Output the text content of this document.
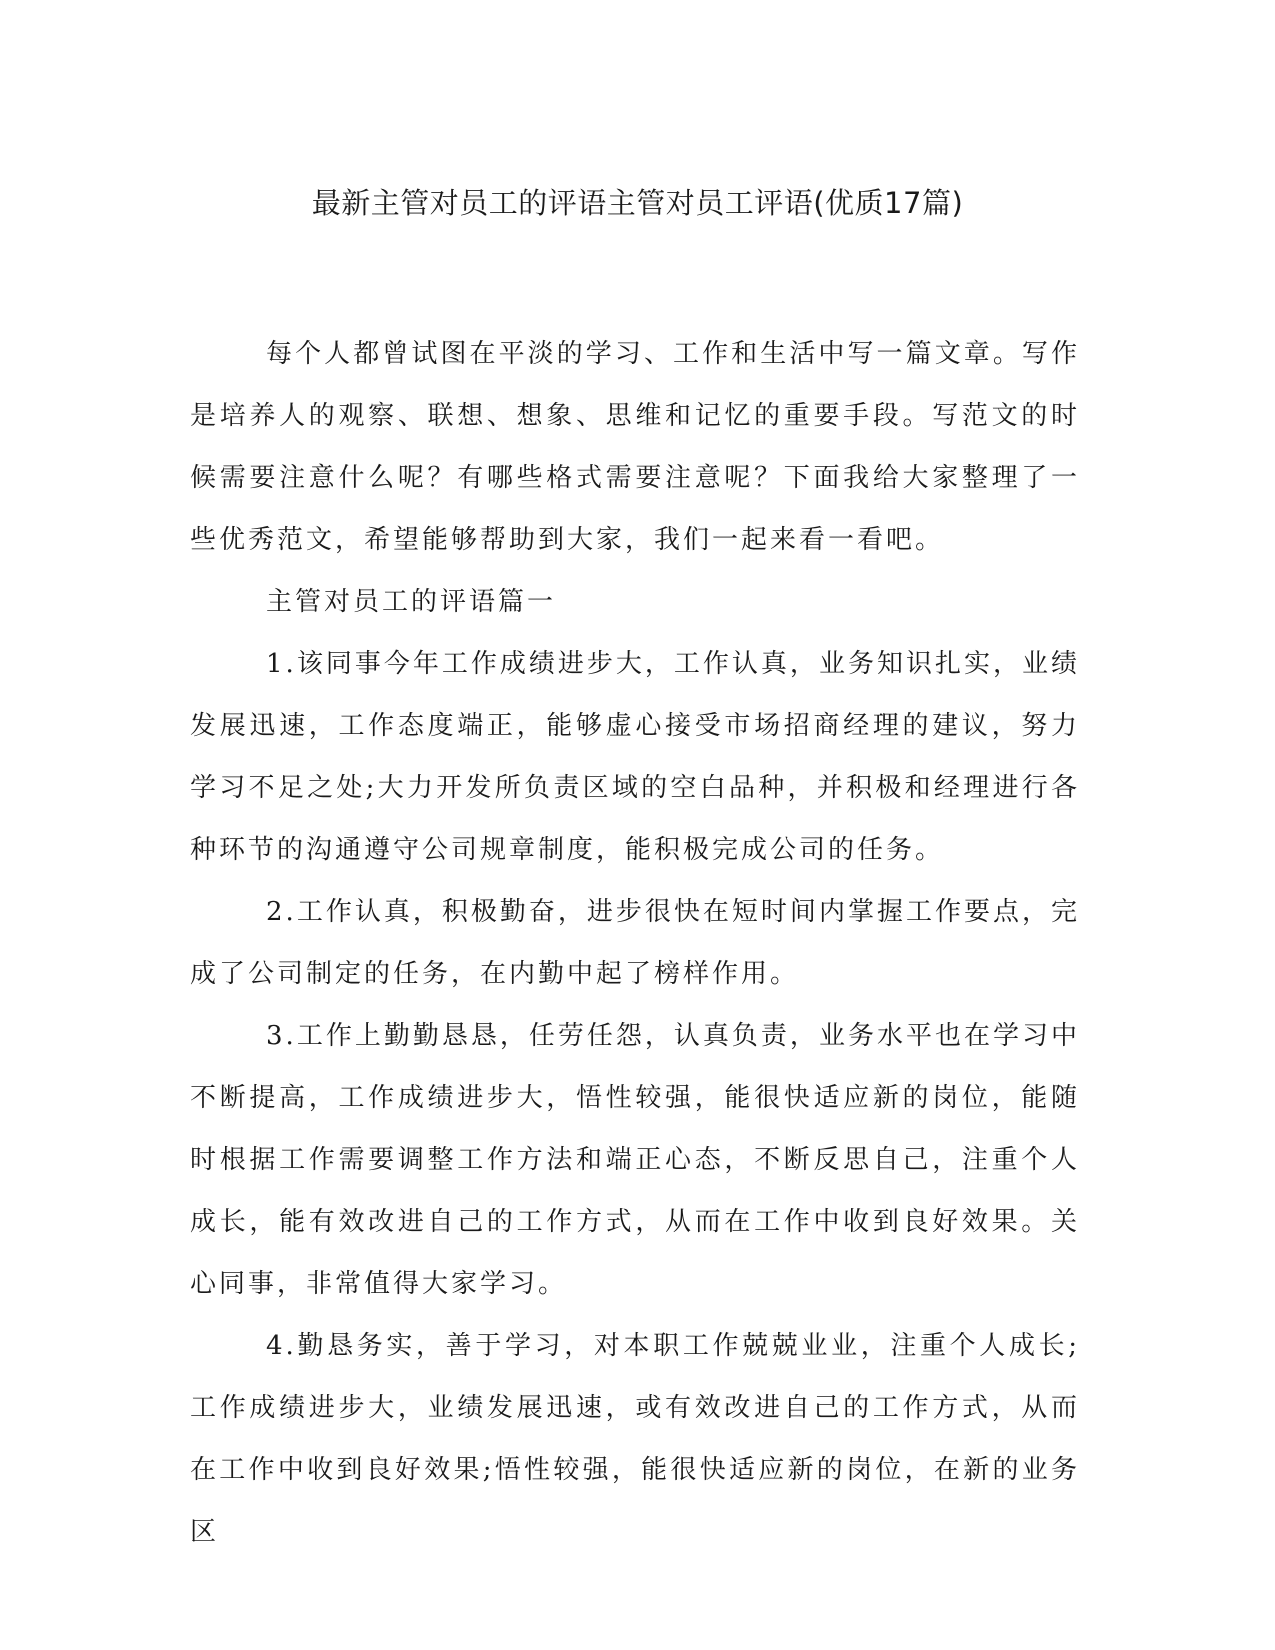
最新主管对员工的评语主管对员工评语(优质17篇)

每个人都曾试图在平淡的学习、工作和生活中写一篇文章。写作是培养人的观察、联想、想象、思维和记忆的重要手段。写范文的时候需要注意什么呢？有哪些格式需要注意呢？下面我给大家整理了一些优秀范文，希望能够帮助到大家，我们一起来看一看吧。

主管对员工的评语篇一

1.该同事今年工作成绩进步大，工作认真，业务知识扎实，业绩发展迅速，工作态度端正，能够虚心接受市场招商经理的建议，努力学习不足之处;大力开发所负责区域的空白品种，并积极和经理进行各种环节的沟通遵守公司规章制度，能积极完成公司的任务。

2.工作认真，积极勤奋，进步很快在短时间内掌握工作要点，完成了公司制定的任务，在内勤中起了榜样作用。

3.工作上勤勤恳恳，任劳任怨，认真负责，业务水平也在学习中不断提高，工作成绩进步大，悟性较强，能很快适应新的岗位，能随时根据工作需要调整工作方法和端正心态，不断反思自己，注重个人成长，能有效改进自己的工作方式，从而在工作中收到良好效果。关心同事，非常值得大家学习。

4.勤恳务实，善于学习，对本职工作兢兢业业，注重个人成长;工作成绩进步大，业绩发展迅速，或有效改进自己的工作方式，从而在工作中收到良好效果;悟性较强，能很快适应新的岗位，在新的业务区
